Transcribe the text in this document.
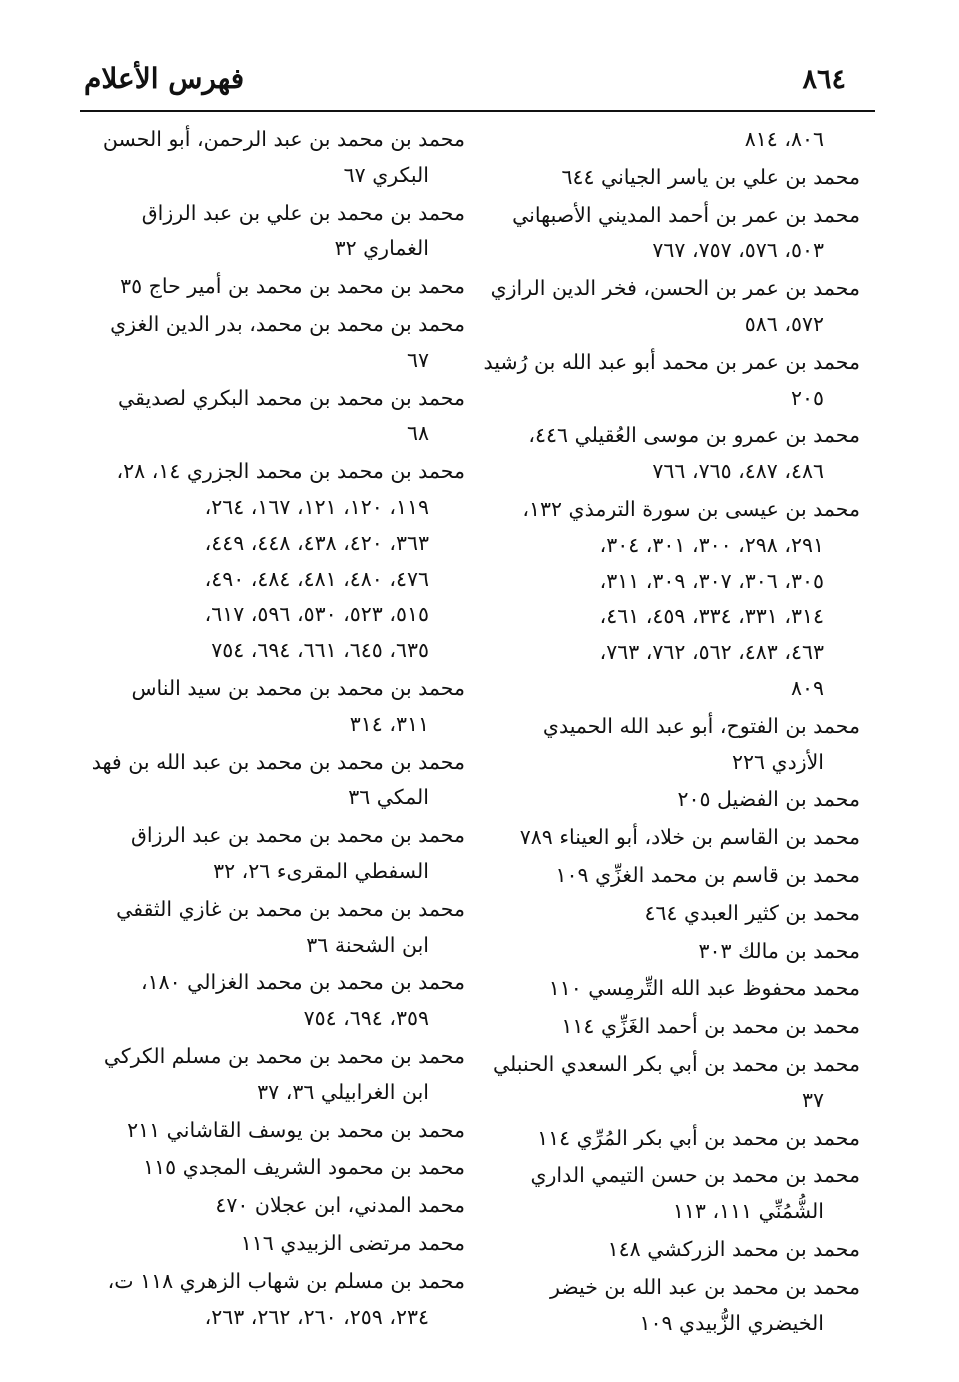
فهرس الأعلام	٨٦٤
٨٠٦، ٨١٤
محمد بن علي بن ياسر الجياني ٦٤٤
محمد بن عمر بن أحمد المديني الأصبهاني
٥٠٣، ٥٧٦، ٧٥٧، ٧٦٧
محمد بن عمر بن الحسن، فخر الدين الرازي
٥٧٢، ٥٨٦
محمد بن عمر بن محمد أبو عبد الله بن رُشيد
٢٠٥
محمد بن عمرو بن موسى العُقيلي ٤٤٦،
٤٨٦، ٤٨٧، ٧٦٥، ٧٦٦
محمد بن عيسى بن سورة الترمذي ١٣٢،
٢٩١، ٢٩٨، ٣٠٠، ٣٠١، ٣٠٤،
٣٠٥، ٣٠٦، ٣٠٧، ٣٠٩، ٣١١،
٣١٤، ٣٣١، ٣٣٤، ٤٥٩، ٤٦١،
٤٦٣، ٤٨٣، ٥٦٢، ٧٦٢، ٧٦٣،
٨٠٩
محمد بن الفتوح، أبو عبد الله الحميدي
الأزدي ٢٢٦
محمد بن الفضيل ٢٠٥
محمد بن القاسم بن خلاد، أبو العيناء ٧٨٩
محمد بن قاسم بن محمد الغزِّي ١٠٩
محمد بن كثير العبدي ٤٦٤
محمد بن مالك ٣٠٣
محمد محفوظ عبد الله التِّرمِسي ١١٠
محمد بن محمد بن أحمد الغَزِّي ١١٤
محمد بن محمد بن أبي بكر السعدي الحنبلي
٣٧
محمد بن محمد بن أبي بكر المُرِّي ١١٤
محمد بن محمد بن حسن التيمي الداري
الشُّمُنِّي ١١١، ١١٣
محمد بن محمد الزركشي ١٤٨
محمد بن محمد بن عبد الله بن خيضر
الخيضري الزُّبيدي ١٠٩
محمد بن محمد بن عبد الرحمن، أبو الحسن
البكري ٦٧
محمد بن محمد بن علي بن عبد الرزاق
الغماري ٣٢
محمد بن محمد بن محمد بن أمير حاج ٣٥
محمد بن محمد بن محمد، بدر الدين الغزي
٦٧
محمد بن محمد بن محمد البكري لصديقي
٦٨
محمد بن محمد بن محمد الجزري ١٤، ٢٨،
١١٩، ١٢٠، ١٢١، ١٦٧، ٢٦٤،
٣٦٣، ٤٢٠، ٤٣٨، ٤٤٨، ٤٤٩،
٤٧٦، ٤٨٠، ٤٨١، ٤٨٤، ٤٩٠،
٥١٥، ٥٢٣، ٥٣٠، ٥٩٦، ٦١٧،
٦٣٥، ٦٤٥، ٦٦١، ٦٩٤، ٧٥٤
محمد بن محمد بن محمد بن سيد الناس
٣١١، ٣١٤
محمد بن محمد بن محمد بن عبد الله بن فهد
المكي ٣٦
محمد بن محمد بن محمد بن عبد الرزاق
السفطي المقرىء ٢٦، ٣٢
محمد بن محمد بن محمد بن غازي الثقفي
ابن الشحنة ٣٦
محمد بن محمد بن محمد الغزالي ١٨٠،
٣٥٩، ٦٩٤، ٧٥٤
محمد بن محمد بن محمد بن مسلم الكركي
ابن الغرابيلي ٣٦، ٣٧
محمد بن محمد بن يوسف القاشاني ٢١١
محمد بن محمود الشريف المجدي ١١٥
محمد المدني، ابن عجلان ٤٧٠
محمد مرتضى الزبيدي ١١٦
محمد بن مسلم بن شهاب الزهري ١١٨ ت،
٢٣٤، ٢٥٩، ٢٦٠، ٢٦٢، ٢٦٣،
